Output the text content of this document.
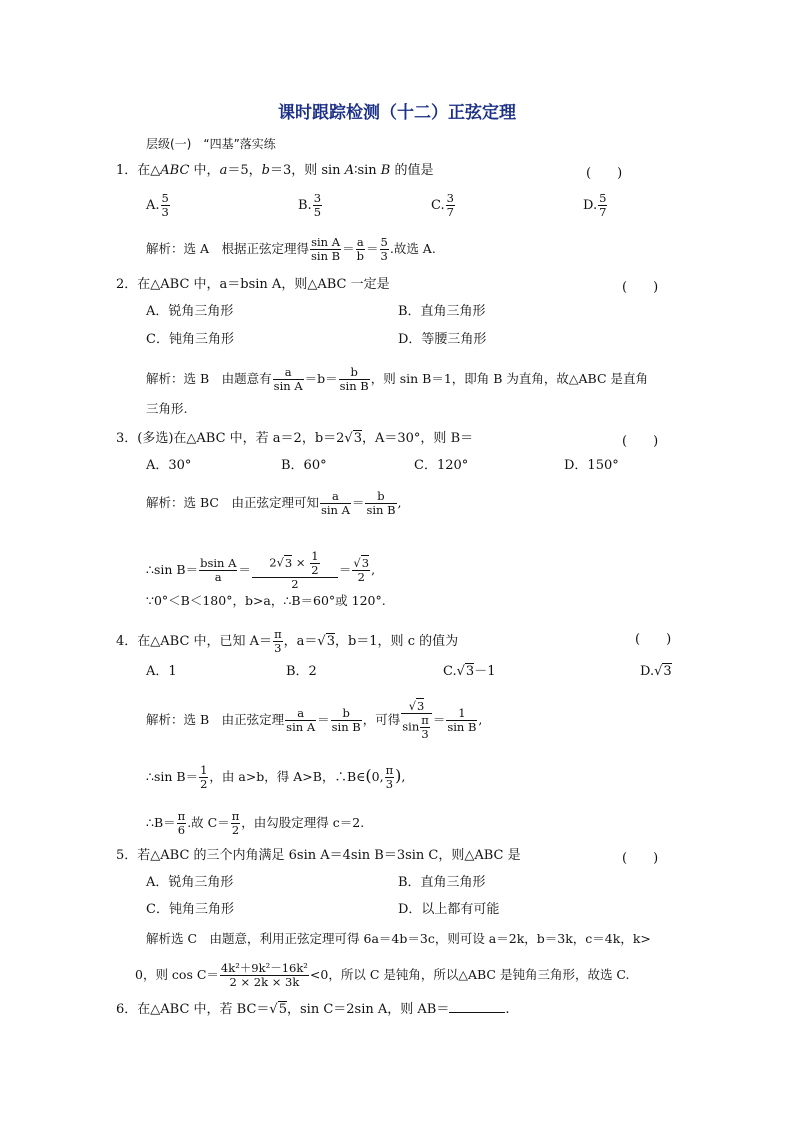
课时跟踪检测（十二）正弦定理
层级(一)　“四基”落实练
1．在△ABC 中，a＝5，b＝3，则 sin A∶sin B 的值是	(　　)
A. $\frac{5}{3}$	B. $\frac{3}{5}$	C. $\frac{3}{7}$	D. $\frac{5}{7}$
解析：选 A　根据正弦定理得 $\frac{\text{sin A}}{\text{sin B}} = \frac{a}{b} = \frac{5}{3}$ .故选 A.
2．在△ABC 中，a＝bsin A，则△ABC 一定是	(　　)
A．锐角三角形	B．直角三角形
C．钝角三角形	D．等腰三角形
解析：选 B　由题意有 $\frac{a}{\text{sin A}} =b= \frac{b}{\text{sin B}}$ ，则 sin B＝1，即角 B 为直角，故△ABC 是直角
三角形.
3．(多选)在△ABC 中，若 a＝2，b＝2√3，A＝30°，则 B＝	(　　)
A．30°	B．60°	C．120°	D．150°
解析：选 BC　由正弦定理可知 $\frac{a}{\text{sin A}} = \frac{b}{\text{sin B}}$ ,
∴sin $B= \frac{\text{bsin A}}{a} = \frac{2√3 \times \frac{1}{2}}{2} = \frac{√3}{2}$ ,
∵0°＜B＜180°，b>a，∴B＝60°或 120°.
4．在△ABC 中，已知 $A= \frac{\pi}{3}$ ，a＝√3，b＝1，则 c 的值为	(　　)
A．1	B．2	C.√3－1	D.√3
解析：选 B　由正弦定理 $\frac{a}{\text{sin A}} = \frac{b}{\text{sin B}}$ ，可得 $\frac{√3}{\sin \frac{\pi}{3}} = \frac{1}{\text{sin B}}$ ,
∴sin $B= \frac{1}{2}$ ，由 a>b，得 A>B，∴B∈(0, $\frac{\pi}{3}$ ),
∴B＝ $\frac{\pi}{6}$ .故 $C= \frac{\pi}{2}$ ，由勾股定理得 c＝2.
5．若△ABC 的三个内角满足 6sin A＝4sin B＝3sin C，则△ABC 是	(　　)
A．锐角三角形	B．直角三角形
C．钝角三角形	D．以上都有可能
解析选 C　由题意，利用正弦定理可得 6a＝4b＝3c，则可设 a＝2k，b＝3k，c＝4k，k>
0，则 $\cos C= \frac{\text{4k²＋9k²－16k²}}{2 \times 2k \times 3k} <0$，所以 C 是钝角，所以△ABC 是钝角三角形，故选 C.
6．在△ABC 中，若 BC＝√5，sin C＝2sin A，则 AB＝	.
